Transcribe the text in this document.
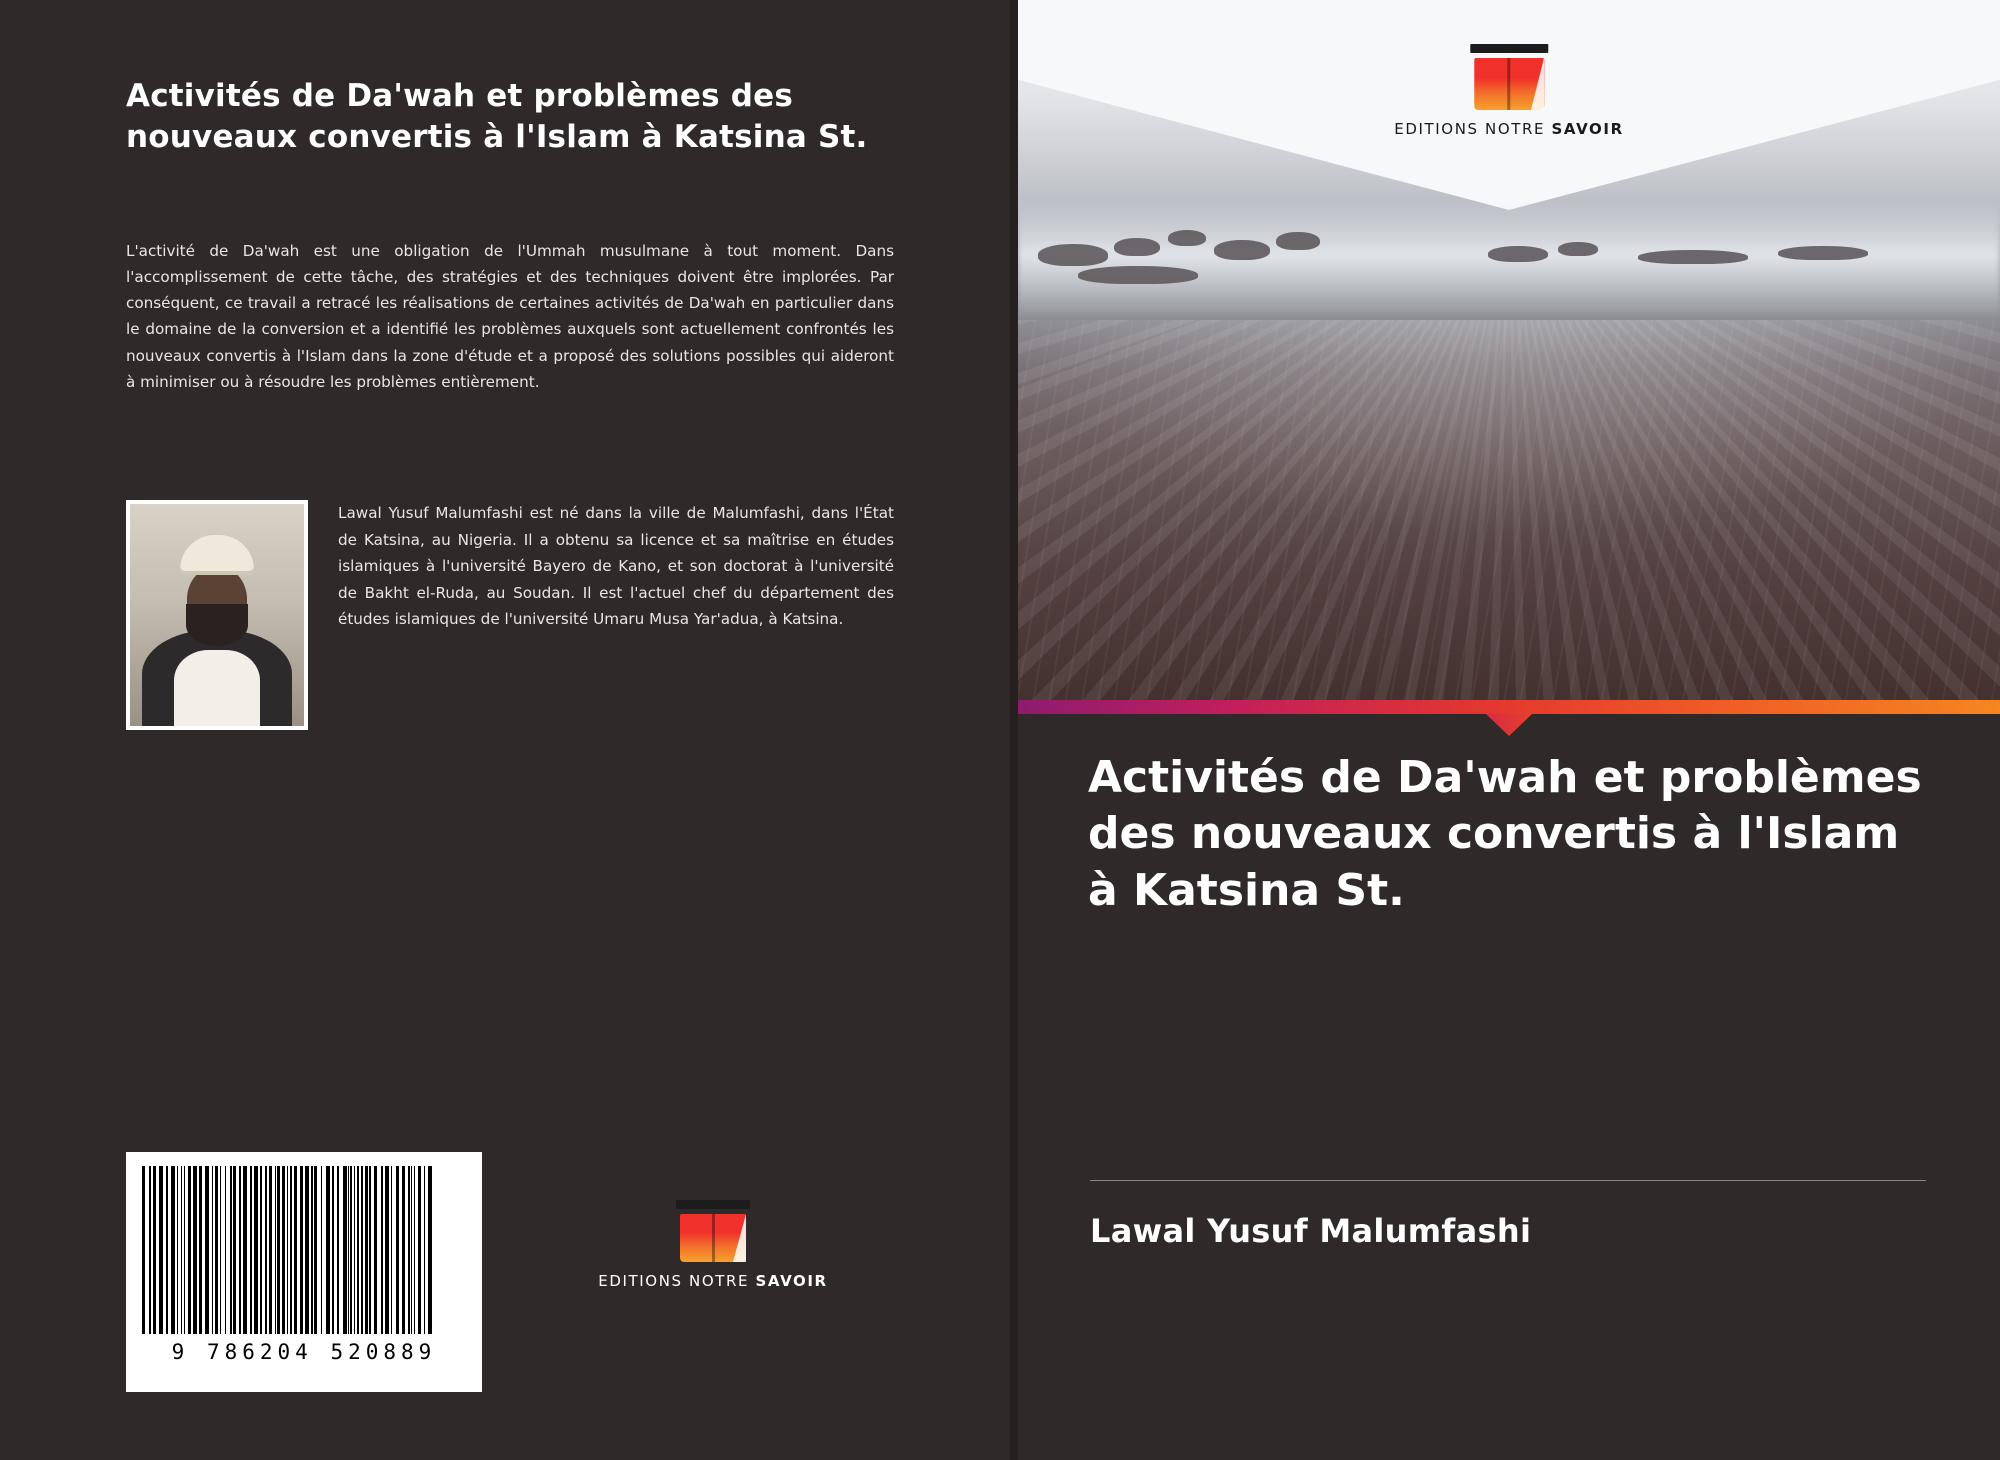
Activités de Da'wah et problèmes des nouveaux convertis à l'Islam à Katsina St.
L'activité de Da'wah est une obligation de l'Ummah musulmane à tout moment. Dans l'accomplissement de cette tâche, des stratégies et des techniques doivent être implorées. Par conséquent, ce travail a retracé les réalisations de certaines activités de Da'wah en particulier dans le domaine de la conversion et a identifié les problèmes auxquels sont actuellement confrontés les nouveaux convertis à l'Islam dans la zone d'étude et a proposé des solutions possibles qui aideront à minimiser ou à résoudre les problèmes entièrement.
Lawal Yusuf Malumfashi est né dans la ville de Malumfashi, dans l'État de Katsina, au Nigeria. Il a obtenu sa licence et sa maîtrise en études islamiques à l'université Bayero de Kano, et son doctorat à l'université de Bakht el-Ruda, au Soudan. Il est l'actuel chef du département des études islamiques de l'université Umaru Musa Yar'adua, à Katsina.
9 786204 520889
EDITIONS NOTRE SAVOIR
EDITIONS NOTRE SAVOIR
Activités de Da'wah et problèmes des nouveaux convertis à l'Islam à Katsina St.
Lawal Yusuf Malumfashi
